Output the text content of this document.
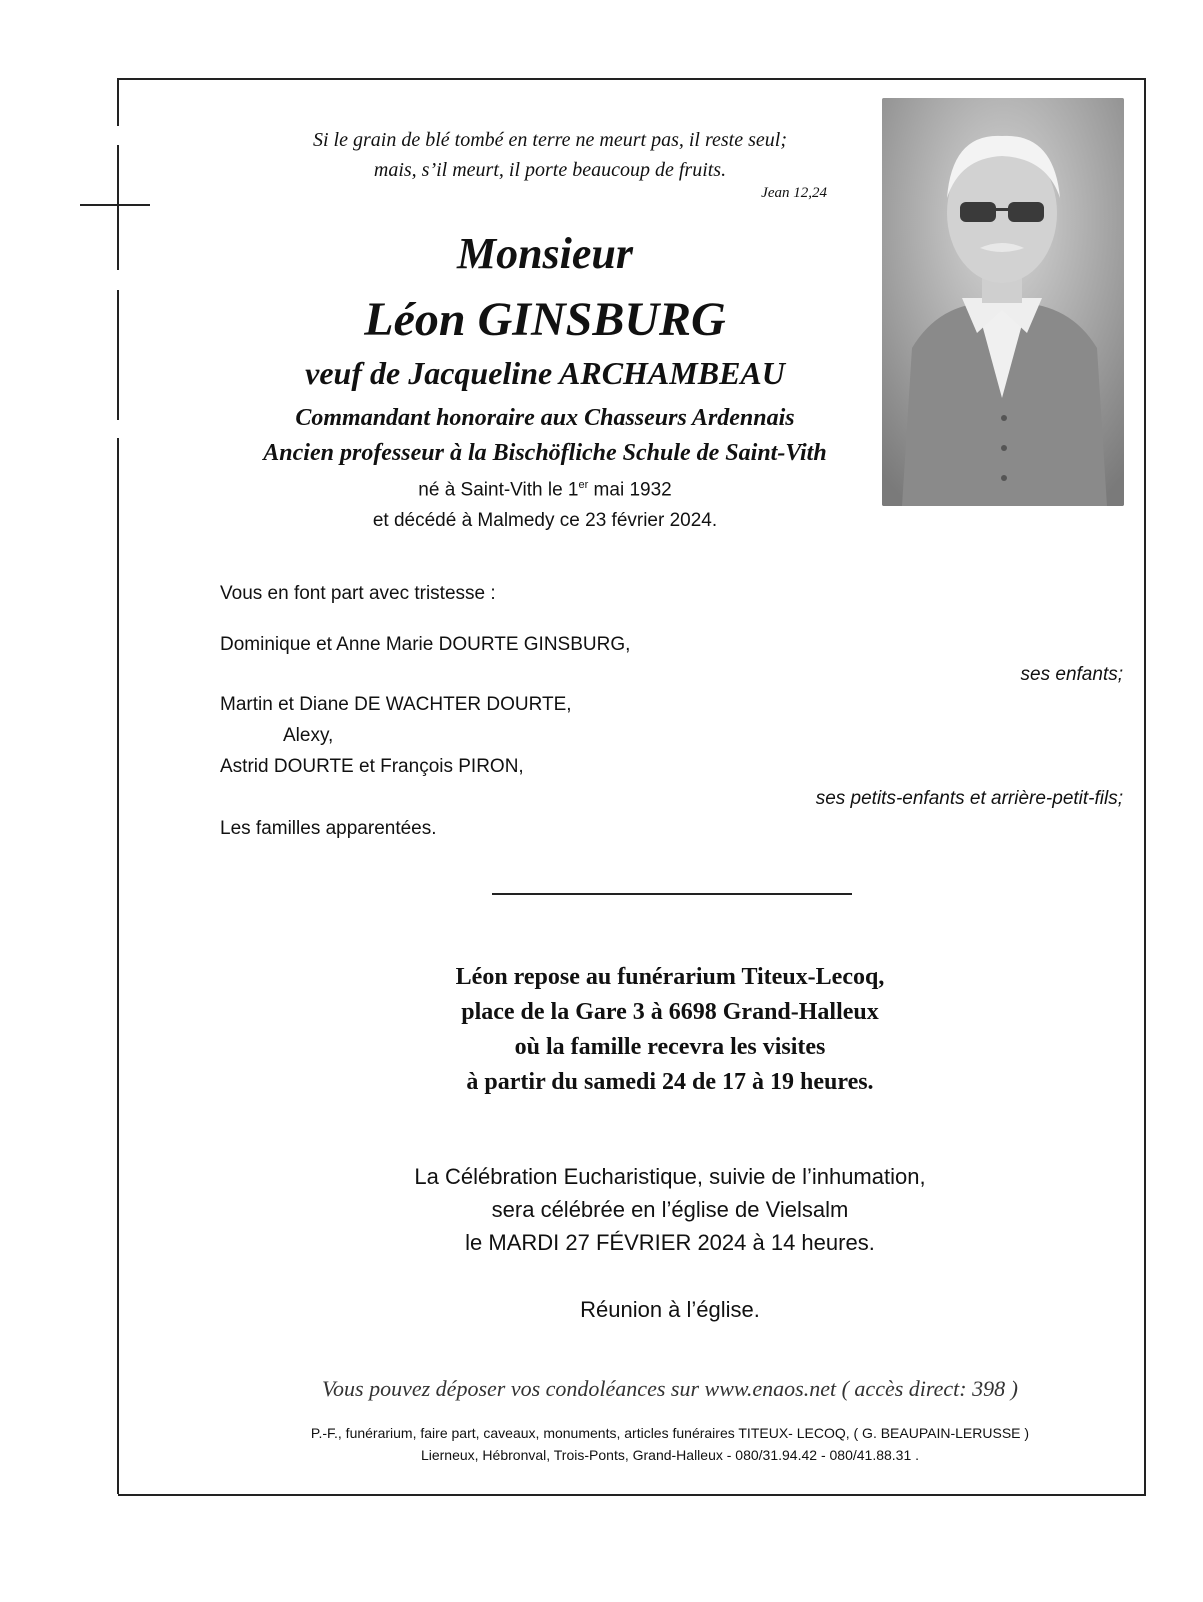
Si le grain de blé tombé en terre ne meurt pas, il reste seul;
mais, s’il meurt, il porte beaucoup de fruits.
Jean 12,24
Monsieur
Léon GINSBURG
veuf de Jacqueline ARCHAMBEAU
Commandant honoraire aux Chasseurs Ardennais
Ancien professeur à la Bischöfliche Schule de Saint-Vith
né à Saint-Vith le 1er mai 1932
et décédé à Malmedy ce 23 février 2024.
Vous en font part avec tristesse :
Dominique et Anne Marie DOURTE GINSBURG,
ses enfants;
Martin et Diane DE WACHTER DOURTE,
Alexy,
Astrid DOURTE et François PIRON,
ses petits-enfants et arrière-petit-fils;
Les familles apparentées.
Léon repose au funérarium Titeux-Lecoq,
place de la Gare 3 à 6698 Grand-Halleux
où la famille recevra les visites
à partir du samedi 24 de 17 à 19 heures.
La Célébration Eucharistique, suivie de l’inhumation,
sera célébrée en l’église de Vielsalm
le MARDI 27 FÉVRIER 2024 à 14 heures.
Réunion à l’église.
Vous pouvez déposer vos condoléances sur www.enaos.net ( accès direct: 398 )
P.-F., funérarium, faire part, caveaux, monuments, articles funéraires TITEUX- LECOQ, ( G. BEAUPAIN-LERUSSE )
Lierneux, Hébronval, Trois-Ponts, Grand-Halleux - 080/31.94.42 - 080/41.88.31 .
